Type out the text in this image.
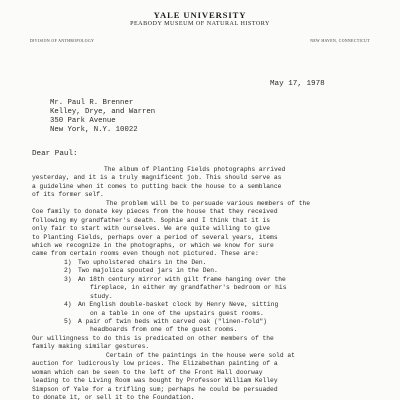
YALE UNIVERSITY
PEABODY MUSEUM OF NATURAL HISTORY
DIVISION OF ANTHROPOLOGY	NEW HAVEN, CONNECTICUT
May 17, 1978
Mr. Paul R. Brenner
Kelley, Drye, and Warren
350 Park Avenue
New York, N.Y. 10022
Dear Paul:
The album of Planting Fields photographs arrived
yesterday, and it is a truly magnificent job. This should serve as
a guideline when it comes to putting back the house to a semblance
of its former self.
The problem will be to persuade various members of the
Coe family to donate key pieces from the house that they received
following my grandfather's death. Sophie and I think that it is
only fair to start with ourselves. We are quite willing to give
to Planting Fields, perhaps over a period of several years, items
which we recognize in the photographs, or which we know for sure
came from certain rooms even though not pictured. These are:
1) Two upholstered chairs in the Den.
2) Two majolica spouted jars in the Den.
3) An 18th century mirror with gilt frame hanging over the
fireplace, in either my grandfather's bedroom or his
study.
4) An English double-basket clock by Henry Neve, sitting
on a table in one of the upstairs guest rooms.
5) A pair of twin beds with carved oak ("linen-fold")
headboards from one of the guest rooms.
Our willingness to do this is predicated on other members of the
family making similar gestures.
Certain of the paintings in the house were sold at
auction for ludicrously low prices. The Elizabethan painting of a
woman which can be seen to the left of the Front Hall doorway
leading to the Living Room was bought by Professor William Kelley
Simpson of Yale for a trifling sum; perhaps he could be persuaded
to donate it, or sell it to the Foundation.
